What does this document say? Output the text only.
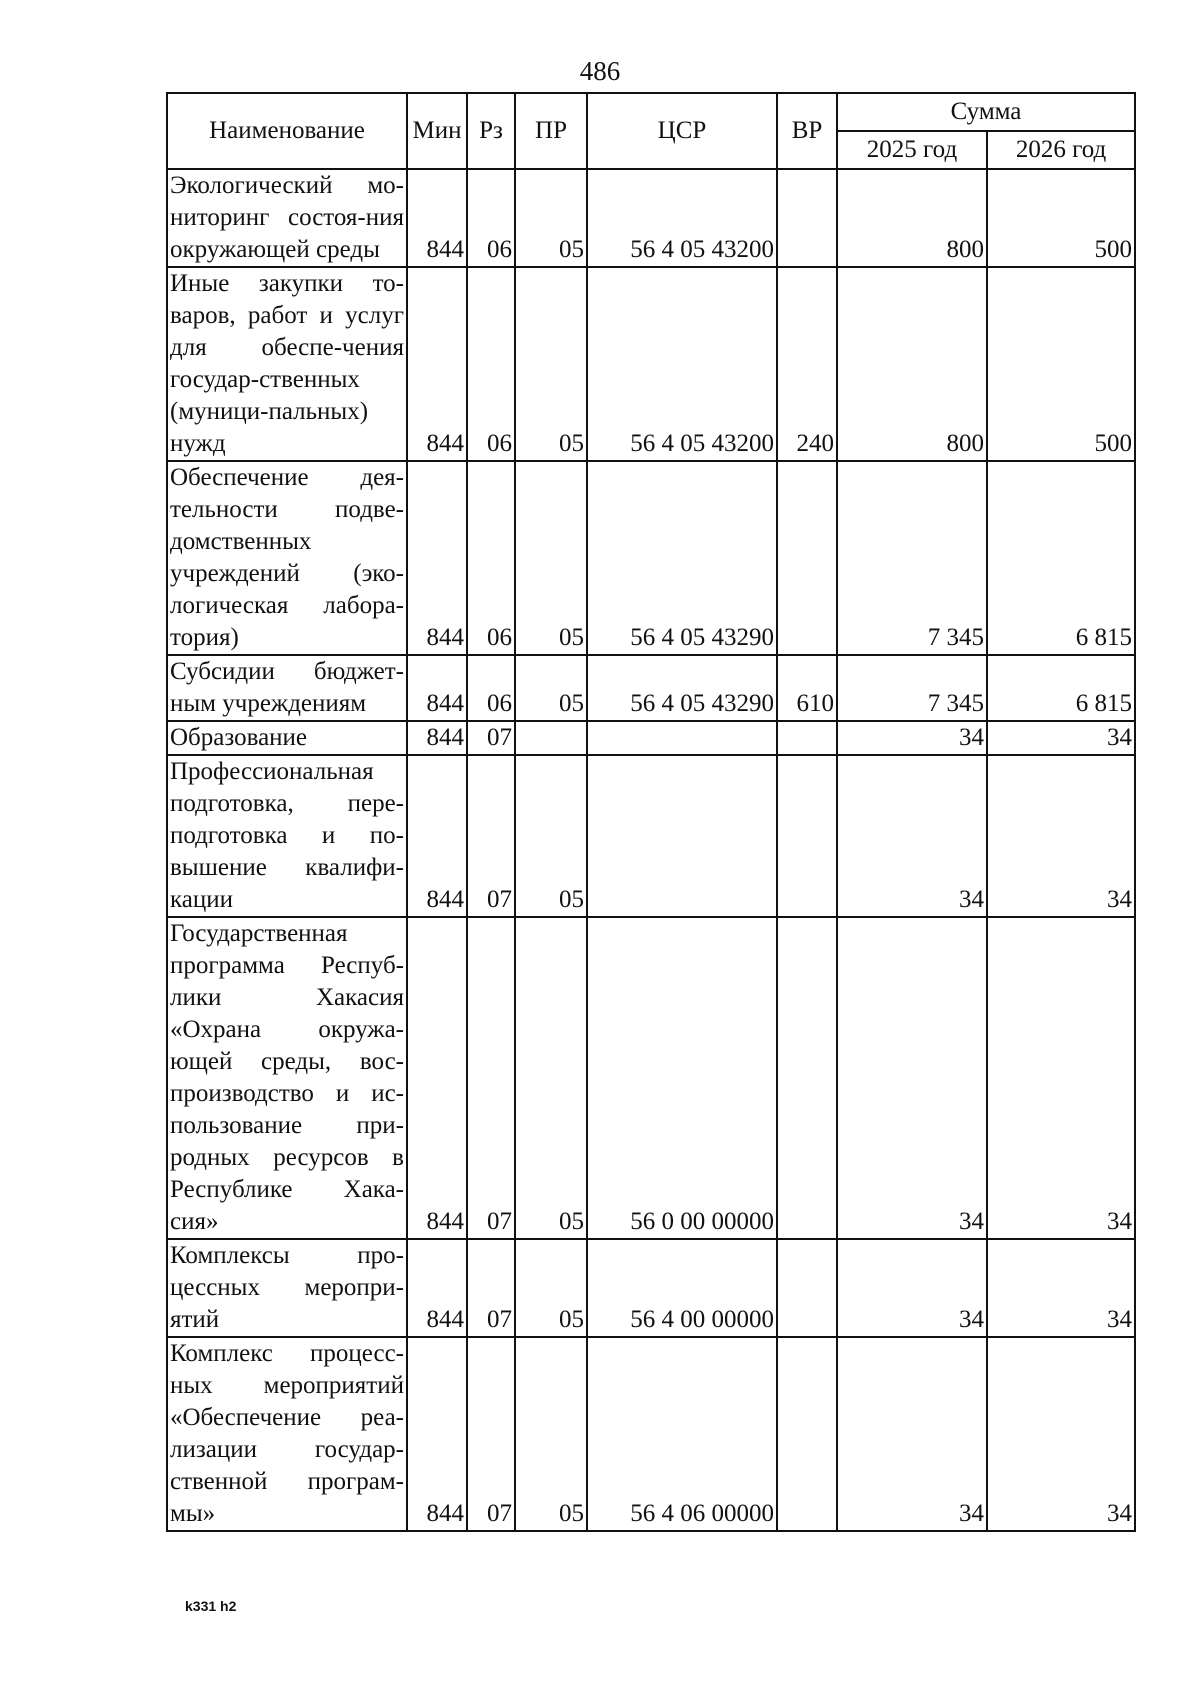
486
Наименование	Мин	Рз	ПР	ЦСР	ВР	Сумма	
						2025 год	2026 год
Экологический мо-ниторинг состоя-ния окружающей среды	844	06	05	56 4 05 43200		800	500
Иные закупки то-варов, работ и услуг для обеспе-чения государ-ственных (муници-пальных) нужд	844	06	05	56 4 05 43200	240	800	500
Обеспечение дея-тельности подве-домственных учреждений (эко-логическая лабора-тория)	844	06	05	56 4 05 43290		7 345	6 815
Субсидии бюджет-ным учреждениям	844	06	05	56 4 05 43290	610	7 345	6 815
Образование	844	07				34	34
Профессиональная подготовка, пере-подготовка и по-вышение квалифи-кации	844	07	05			34	34
Государственная программа Респуб-лики Хакасия «Охрана окружа-ющей среды, вос-производство и ис-пользование при-родных ресурсов в Республике Хака-сия»	844	07	05	56 0 00 00000		34	34
Комплексы про-цессных меропри-ятий	844	07	05	56 4 00 00000		34	34
Комплекс процесс-ных мероприятий «Обеспечение реа-лизации государ-ственной програм-мы»	844	07	05	56 4 06 00000		34	34
k331 h2
